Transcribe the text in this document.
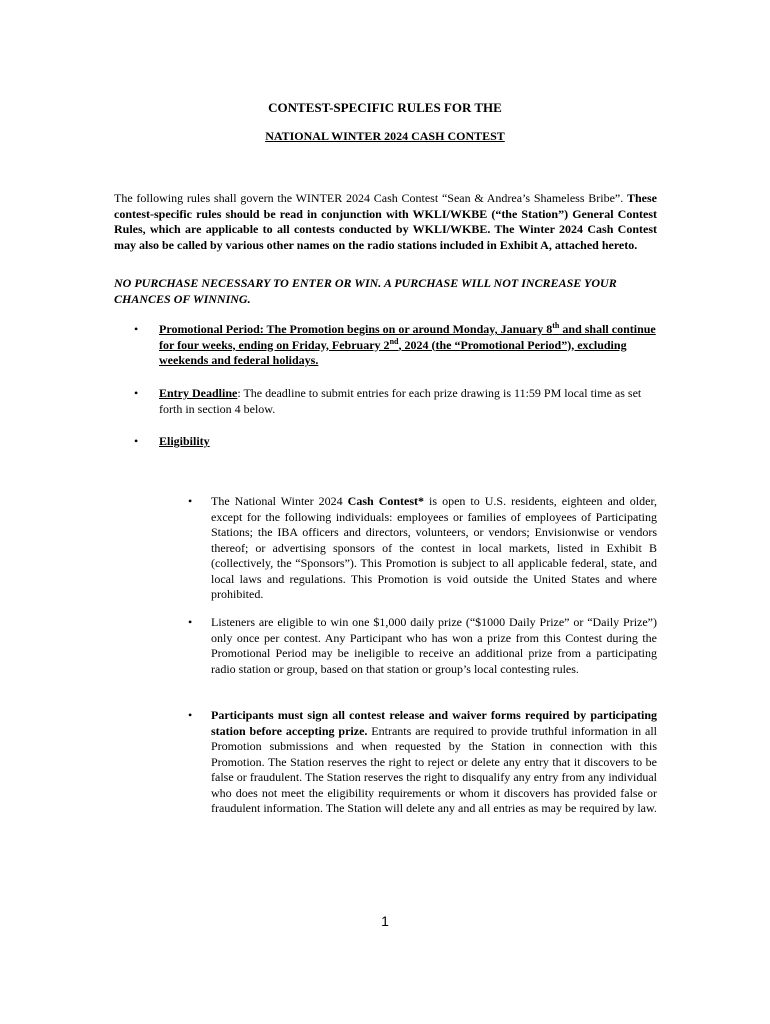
CONTEST-SPECIFIC RULES FOR THE
NATIONAL WINTER 2024 CASH CONTEST
The following rules shall govern the WINTER 2024 Cash Contest “Sean & Andrea’s Shameless Bribe”. These contest-specific rules should be read in conjunction with WKLI/WKBE (“the Station”) General Contest Rules, which are applicable to all contests conducted by WKLI/WKBE. The Winter 2024 Cash Contest may also be called by various other names on the radio stations included in Exhibit A, attached hereto.
NO PURCHASE NECESSARY TO ENTER OR WIN. A PURCHASE WILL NOT INCREASE YOUR CHANCES OF WINNING.
• Promotional Period: The Promotion begins on or around Monday, January 8th and shall continue for four weeks, ending on Friday, February 2nd, 2024 (the “Promotional Period”), excluding weekends and federal holidays.
• Entry Deadline: The deadline to submit entries for each prize drawing is 11:59 PM local time as set forth in section 4 below.
• Eligibility
• The National Winter 2024 Cash Contest* is open to U.S. residents, eighteen and older, except for the following individuals: employees or families of employees of Participating Stations; the IBA officers and directors, volunteers, or vendors; Envisionwise or vendors thereof; or advertising sponsors of the contest in local markets, listed in Exhibit B (collectively, the “Sponsors”). This Promotion is subject to all applicable federal, state, and local laws and regulations. This Promotion is void outside the United States and where prohibited.
• Listeners are eligible to win one $1,000 daily prize (“$1000 Daily Prize” or “Daily Prize”) only once per contest. Any Participant who has won a prize from this Contest during the Promotional Period may be ineligible to receive an additional prize from a participating radio station or group, based on that station or group’s local contesting rules.
• Participants must sign all contest release and waiver forms required by participating station before accepting prize. Entrants are required to provide truthful information in all Promotion submissions and when requested by the Station in connection with this Promotion. The Station reserves the right to reject or delete any entry that it discovers to be false or fraudulent. The Station reserves the right to disqualify any entry from any individual who does not meet the eligibility requirements or whom it discovers has provided false or fraudulent information. The Station will delete any and all entries as may be required by law.
1
